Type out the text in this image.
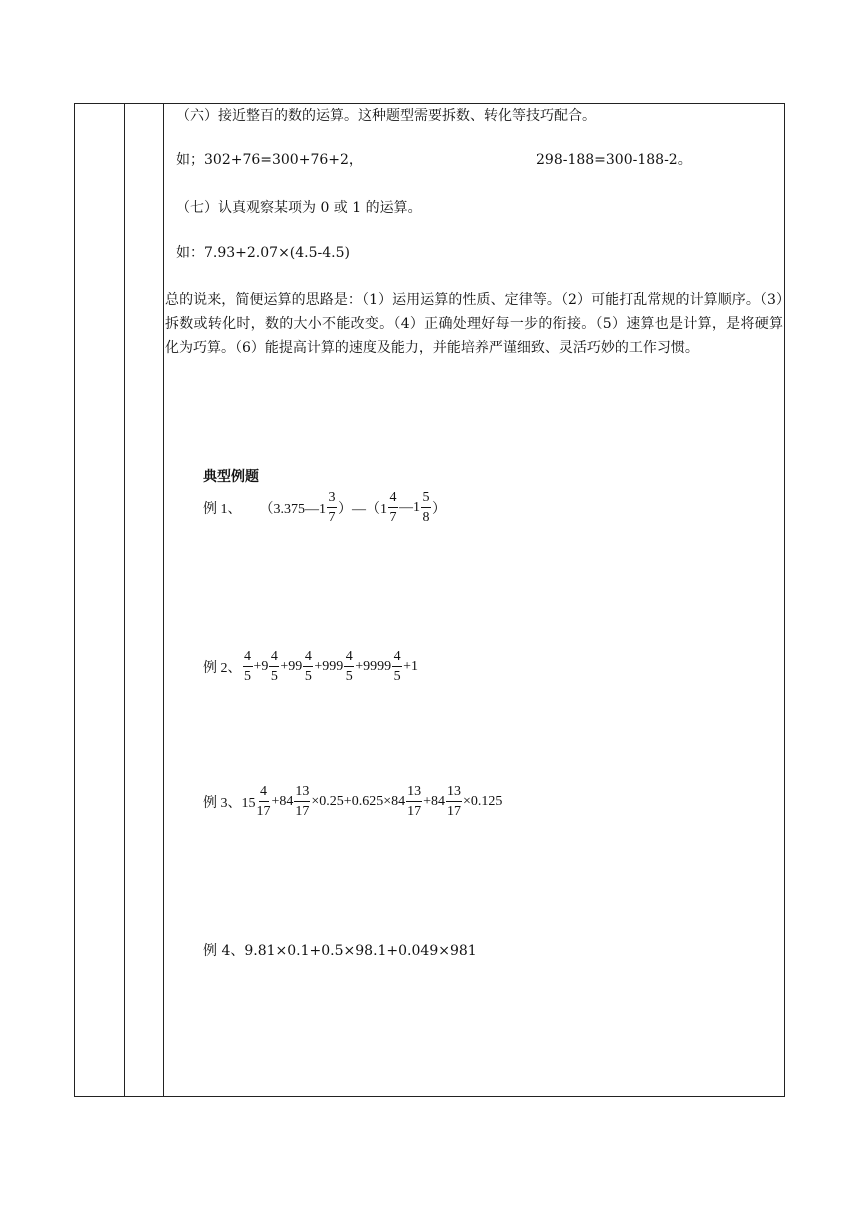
（六）接近整百的数的运算。这种题型需要拆数、转化等技巧配合。
如；302+76=300+76+2，	298-188=300-188-2。
（七）认真观察某项为 0 或 1 的运算。
如：7.93+2.07×(4.5-4.5)
总的说来，简便运算的思路是：（1）运用运算的性质、定律等。（2）可能打乱常规的计算顺序。（3）拆数或转化时，数的大小不能改变。（4）正确处理好每一步的衔接。（5）速算也是计算，是将硬算化为巧算。（6）能提高计算的速度及能力，并能培养严谨细致、灵活巧妙的工作习惯。
典型例题
例 1、 （3.375—1 $\frac{3}{7}$ ）—（1 $\frac{4}{7}$ —1 $\frac{5}{8}$ ）
例 2、 $\frac{4}{5} +9 \frac{4}{5} +99 \frac{4}{5} +999 \frac{4}{5} +9999 \frac{4}{5} +1$
例 3、$15 \frac{4}{17} +84 \frac{13}{17} \times 0.25+0.625\times 84 \frac{13}{17} +84 \frac{13}{17} \times 0.125$
例 4、9.81×0.1+0.5×98.1+0.049×981
